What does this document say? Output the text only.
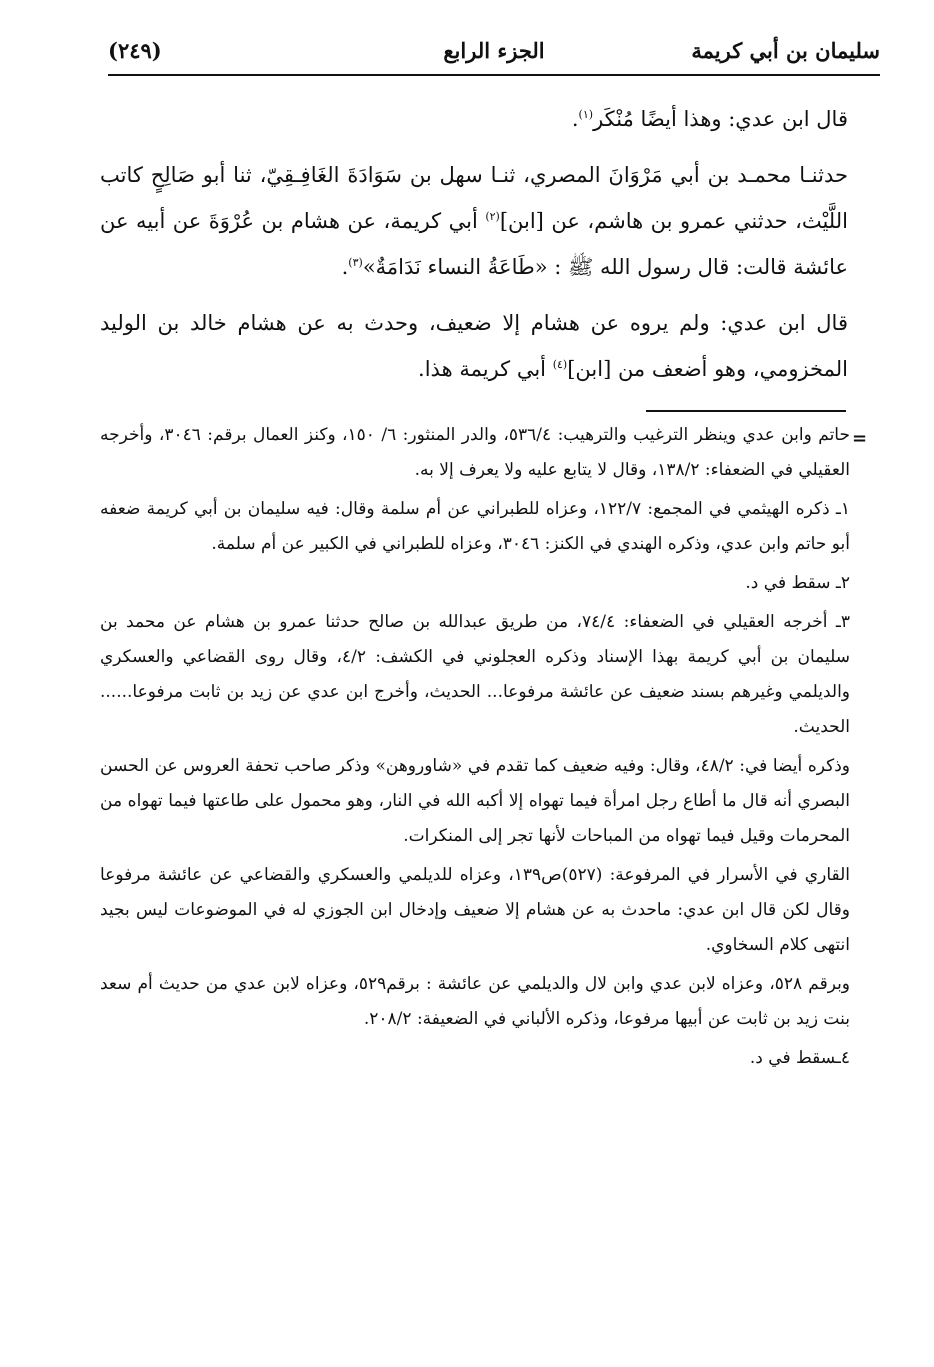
سليمان بن أبي كريمة
الجزء الرابع
(٢٤٩)

قال ابن عدي: وهذا أيضًا مُنْكَر$^{(١)}$.

حدثنـا محمـد بن أبي مَرْوَانَ المصري، ثنـا سهل بن سَوَادَةَ الغَافِـقِيّ، ثنا أبو صَالِحٍ كاتب اللَّيْث، حدثني عمرو بن هاشم، عن [ابن]$^{(٢)}$ أبي كريمة، عن هشام بن عُرْوَةَ عن أبيه عن عائشة قالت: قال رسول الله ﷺ : «طَاعَةُ النساء نَدَامَةٌ»$^{(٣)}$.

قال ابن عدي: ولم يروه عن هشام إلا ضعيف، وحدث به عن هشام خالد بن الوليد المخزومي، وهو أضعف من [ابن]$^{(٤)}$ أبي كريمة هذا.

=

حاتم وابن عدي وينظر الترغيب والترهيب: ٥٣٦/٤، والدر المنثور: ٦/ ١٥٠، وكنز العمال برقم: ٣٠٤٦، وأخرجه العقيلي في الضعفاء: ١٣٨/٢، وقال لا يتابع عليه ولا يعرف إلا به.

١ـ ذكره الهيثمي في المجمع: ١٢٢/٧، وعزاه للطبراني عن أم سلمة وقال: فيه سليمان بن أبي كريمة ضعفه أبو حاتم وابن عدي، وذكره الهندي في الكنز: ٣٠٤٦، وعزاه للطبراني في الكبير عن أم سلمة.

٢ـ سقط في د.

٣ـ أخرجه العقيلي في الضعفاء: ٧٤/٤، من طريق عبدالله بن صالح حدثنا عمرو بن هشام عن محمد بن سليمان بن أبي كريمة بهذا الإسناد وذكره العجلوني في الكشف: ٤/٢، وقال روى القضاعي والعسكري والديلمي وغيرهم بسند ضعيف عن عائشة مرفوعا... الحديث، وأخرج ابن عدي عن زيد بن ثابت مرفوعا...... الحديث.

وذكره أيضا في: ٤٨/٢، وقال: وفيه ضعيف كما تقدم في «شاوروهن» وذكر صاحب تحفة العروس عن الحسن البصري أنه قال ما أطاع رجل امرأة فيما تهواه إلا أكبه الله في النار، وهو محمول على طاعتها فيما تهواه من المحرمات وقيل فيما تهواه من المباحات لأنها تجر إلى المنكرات.

القاري في الأسرار في المرفوعة: (٥٢٧)ص١٣٩، وعزاه للديلمي والعسكري والقضاعي عن عائشة مرفوعا وقال لكن قال ابن عدي: ماحدث به عن هشام إلا ضعيف وإدخال ابن الجوزي له في الموضوعات ليس بجيد انتهى كلام السخاوي.

وبرقم ٥٢٨، وعزاه لابن عدي وابن لال والديلمي عن عائشة : برقم٥٢٩، وعزاه لابن عدي من حديث أم سعد بنت زيد بن ثابت عن أبيها مرفوعا، وذكره الألباني في الضعيفة: ٢٠٨/٢.

٤ـسقط في د.
